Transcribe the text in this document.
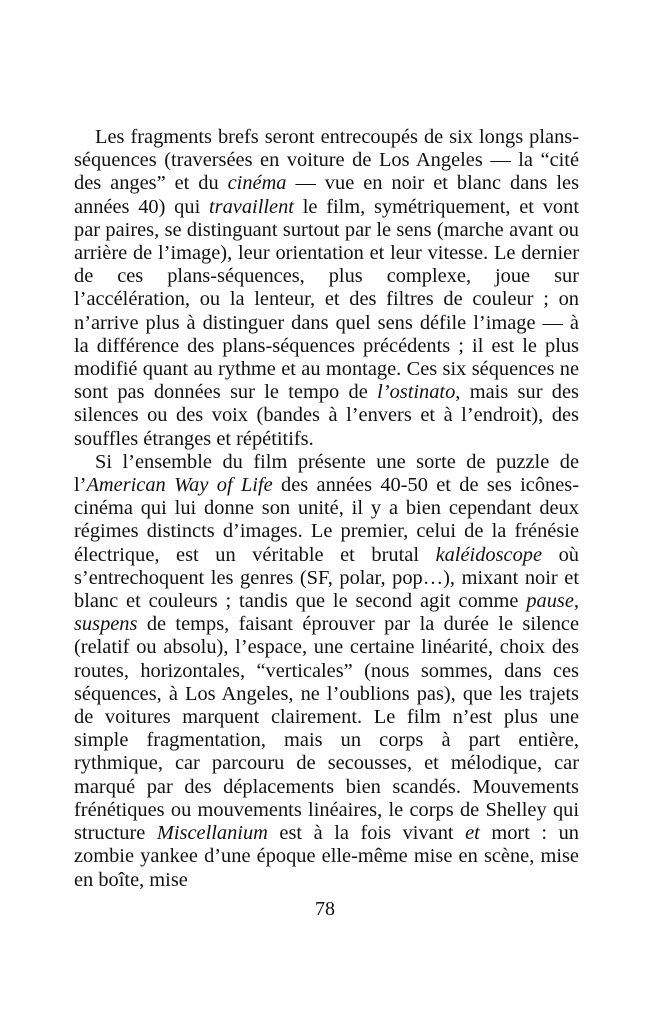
Les fragments brefs seront entrecoupés de six longs plans-séquences (traversées en voiture de Los Angeles — la “cité des anges” et du cinéma — vue en noir et blanc dans les années 40) qui travaillent le film, symétriquement, et vont par paires, se distinguant surtout par le sens (marche avant ou arrière de l’image), leur orientation et leur vitesse. Le dernier de ces plans-séquences, plus complexe, joue sur l’accélération, ou la lenteur, et des filtres de couleur ; on n’arrive plus à distinguer dans quel sens défile l’image — à la différence des plans-séquences précédents ; il est le plus modifié quant au rythme et au montage. Ces six séquences ne sont pas données sur le tempo de l’ostinato, mais sur des silences ou des voix (bandes à l’envers et à l’endroit), des souffles étranges et répétitifs.

Si l’ensemble du film présente une sorte de puzzle de l’American Way of Life des années 40-50 et de ses icônes-cinéma qui lui donne son unité, il y a bien cependant deux régimes distincts d’images. Le premier, celui de la frénésie électrique, est un véritable et brutal kaléidoscope où s’entrechoquent les genres (SF, polar, pop…), mixant noir et blanc et couleurs ; tandis que le second agit comme pause, suspens de temps, faisant éprouver par la durée le silence (relatif ou absolu), l’espace, une certaine linéarité, choix des routes, horizontales, “verticales” (nous sommes, dans ces séquences, à Los Angeles, ne l’oublions pas), que les trajets de voitures marquent clairement. Le film n’est plus une simple fragmentation, mais un corps à part entière, rythmique, car parcouru de secousses, et mélodique, car marqué par des déplacements bien scandés. Mouvements frénétiques ou mouvements linéaires, le corps de Shelley qui structure Miscellanium est à la fois vivant et mort : un zombie yankee d’une époque elle-même mise en scène, mise en boîte, mise

78
